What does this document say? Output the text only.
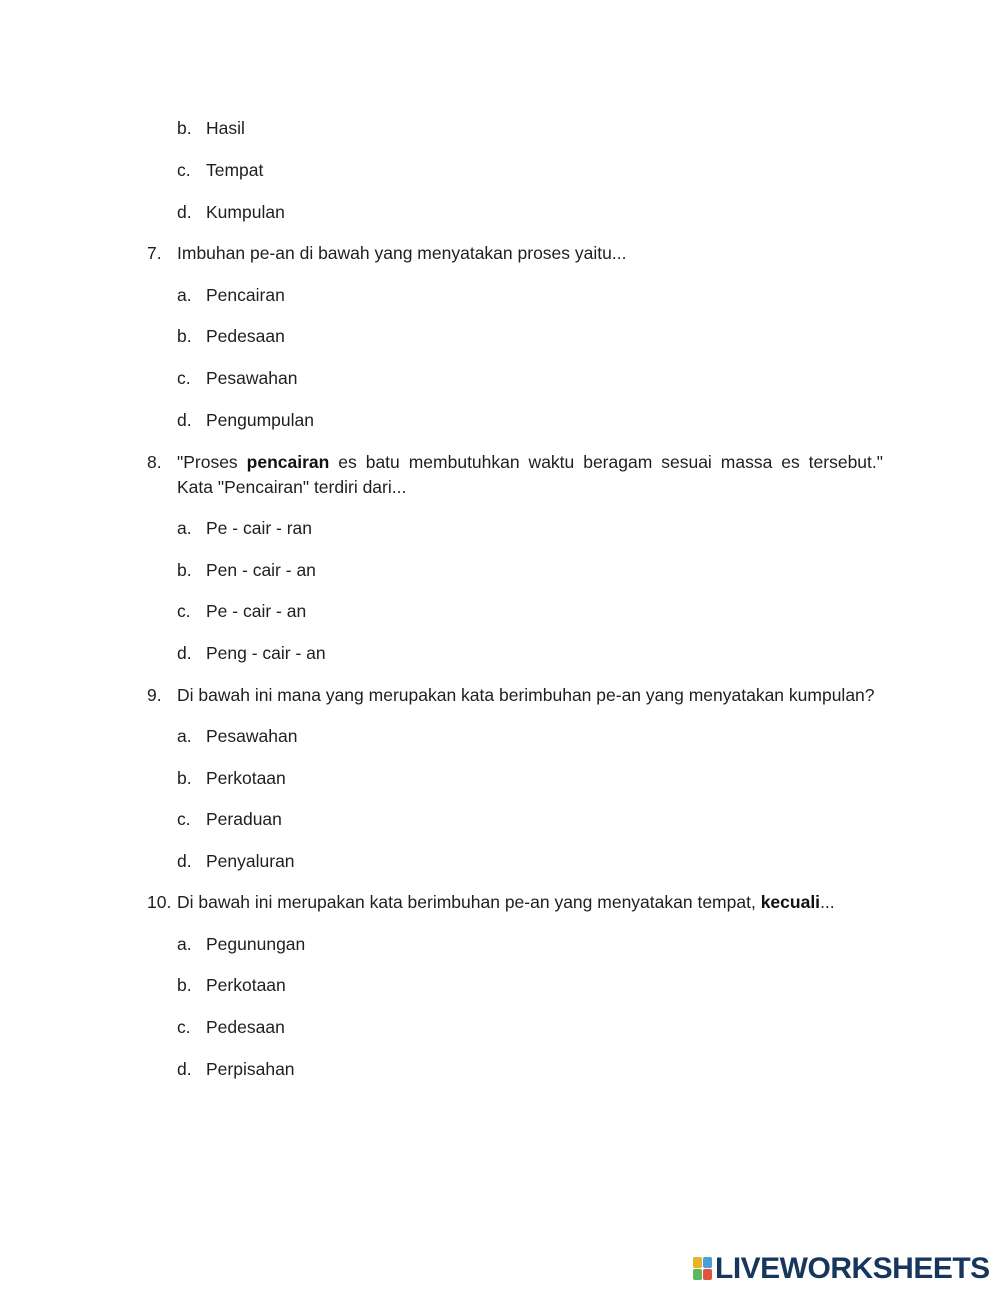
b. Hasil
c. Tempat
d. Kumpulan
7. Imbuhan pe-an di bawah yang menyatakan proses yaitu...
a. Pencairan
b. Pedesaan
c. Pesawahan
d. Pengumpulan
8. "Proses pencairan es batu membutuhkan waktu beragam sesuai massa es tersebut."
Kata "Pencairan" terdiri dari...
a. Pe - cair - ran
b. Pen - cair - an
c. Pe - cair - an
d. Peng - cair - an
9. Di bawah ini mana yang merupakan kata berimbuhan pe-an yang menyatakan kumpulan?
a. Pesawahan
b. Perkotaan
c. Peraduan
d. Penyaluran
10. Di bawah ini merupakan kata berimbuhan pe-an yang menyatakan tempat, kecuali...
a. Pegunungan
b. Perkotaan
c. Pedesaan
d. Perpisahan
LIVEWORKSHEETS
